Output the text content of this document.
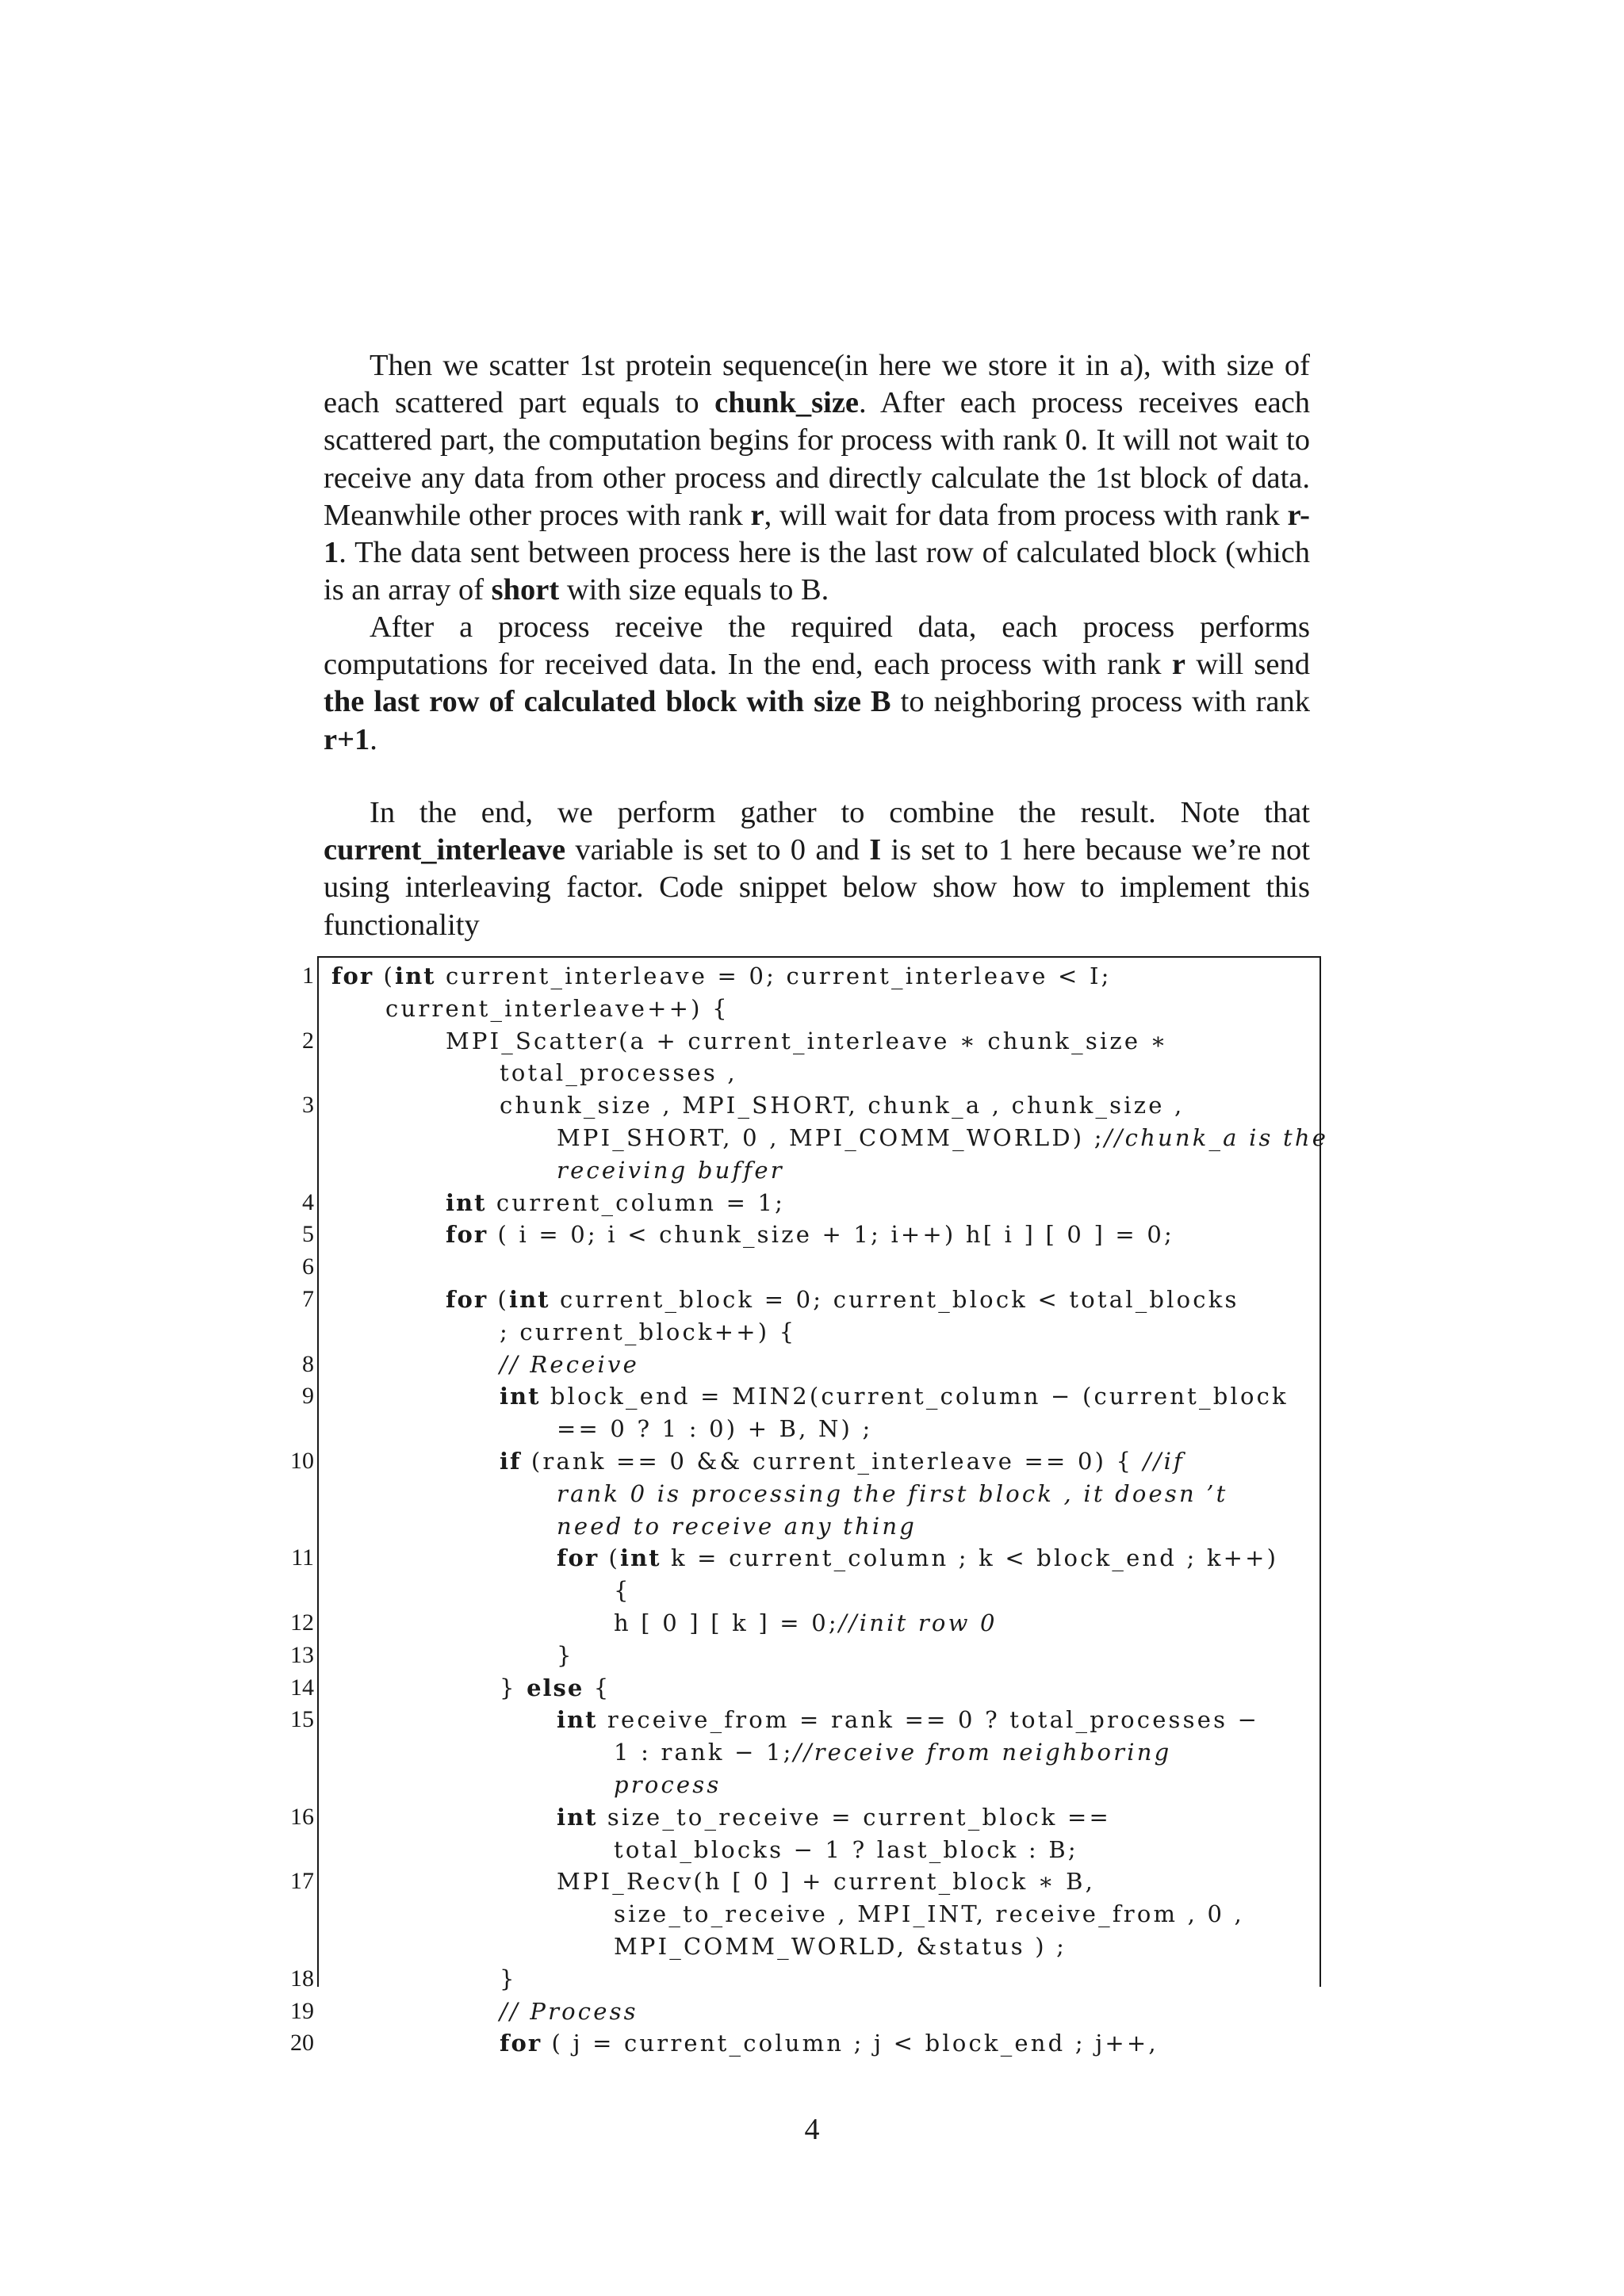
Then we scatter 1st protein sequence(in here we store it in a), with size of each scattered part equals to chunk_size. After each process receives each scattered part, the computation begins for process with rank 0. It will not wait to receive any data from other process and directly calculate the 1st block of data. Meanwhile other proces with rank r, will wait for data from process with rank r-1. The data sent between process here is the last row of calculated block (which is an array of short with size equals to B.

After a process receive the required data, each process performs computations for received data. In the end, each process with rank r will send the last row of calculated block with size B to neighboring process with rank r+1.

In the end, we perform gather to combine the result. Note that current_interleave variable is set to 0 and I is set to 1 here because we’re not using interleaving factor. Code snippet below show how to implement this functionality

1 for (int current_interleave = 0; current_interleave < I;
current_interleave++) {
2	MPI_Scatter(a + current_interleave ∗ chunk_size ∗
total_processes ,
3	chunk_size , MPI_SHORT, chunk_a , chunk_size ,
MPI_SHORT, 0 , MPI_COMM_WORLD) ;//chunk_a is the
receiving buffer
4	int current_column = 1;
5	for ( i = 0; i < chunk_size + 1; i++) h[ i ] [ 0 ] = 0;
6
7	for (int current_block = 0; current_block < total_blocks
; current_block++) {
8	// Receive
9	int block_end = MIN2(current_column − (current_block
== 0 ? 1 : 0) + B, N) ;
10	if (rank == 0 && current_interleave == 0) { //if
rank 0 is processing the first block , it doesn ’t
need to receive any thing
11	for (int k = current_column ; k < block_end ; k++)
{
12	h [ 0 ] [ k ] = 0;//init row 0
13	}
14	} else {
15	int receive_from = rank == 0 ? total_processes −
1 : rank − 1;//receive from neighboring
process
16	int size_to_receive = current_block ==
total_blocks − 1 ? last_block : B;
17	MPI_Recv(h [ 0 ] + current_block ∗ B,
size_to_receive , MPI_INT, receive_from , 0 ,
MPI_COMM_WORLD, &status ) ;
18	}
19	// Process
20	for ( j = current_column ; j < block_end ; j++,
4
